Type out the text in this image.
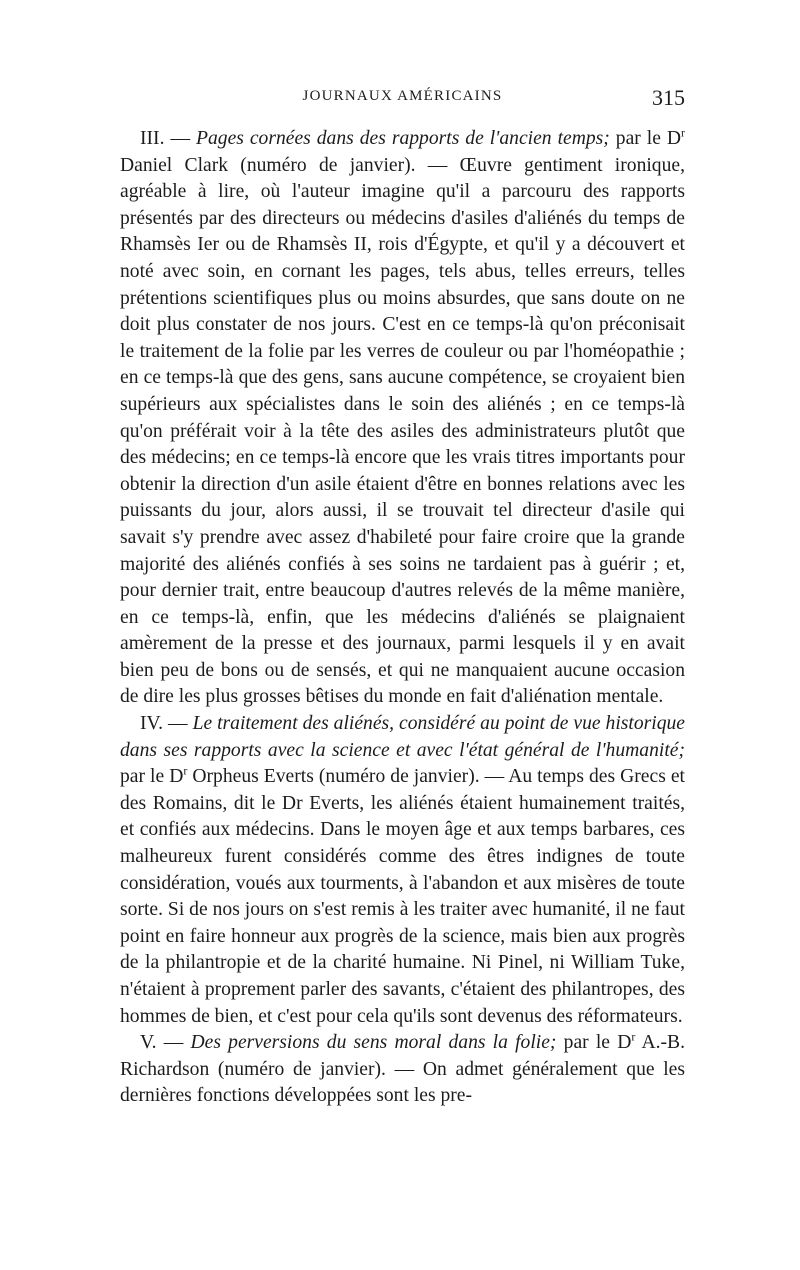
JOURNAUX AMÉRICAINS	315

III. — Pages cornées dans des rapports de l'ancien temps; par le $D^r$ Daniel Clark (numéro de janvier). — Œuvre gentiment ironique, agréable à lire, où l'auteur imagine qu'il a parcouru des rapports présentés par des directeurs ou médecins d'asiles d'aliénés du temps de Rhamsès Ier ou de Rhamsès II, rois d'Égypte, et qu'il y a découvert et noté avec soin, en cornant les pages, tels abus, telles erreurs, telles prétentions scientifiques plus ou moins absurdes, que sans doute on ne doit plus constater de nos jours. C'est en ce temps-là qu'on préconisait le traitement de la folie par les verres de couleur ou par l'homéopathie ; en ce temps-là que des gens, sans aucune compétence, se croyaient bien supérieurs aux spécialistes dans le soin des aliénés ; en ce temps-là qu'on préférait voir à la tête des asiles des administrateurs plutôt que des médecins; en ce temps-là encore que les vrais titres importants pour obtenir la direction d'un asile étaient d'être en bonnes relations avec les puissants du jour, alors aussi, il se trouvait tel directeur d'asile qui savait s'y prendre avec assez d'habileté pour faire croire que la grande majorité des aliénés confiés à ses soins ne tardaient pas à guérir ; et, pour dernier trait, entre beaucoup d'autres relevés de la même manière, en ce temps-là, enfin, que les médecins d'aliénés se plaignaient amèrement de la presse et des journaux, parmi lesquels il y en avait bien peu de bons ou de sensés, et qui ne manquaient aucune occasion de dire les plus grosses bêtises du monde en fait d'aliénation mentale.

IV. — Le traitement des aliénés, considéré au point de vue historique dans ses rapports avec la science et avec l'état général de l'humanité; par le $D^r$ Orpheus Everts (numéro de janvier). — Au temps des Grecs et des Romains, dit le Dr Everts, les aliénés étaient humainement traités, et confiés aux médecins. Dans le moyen âge et aux temps barbares, ces malheureux furent considérés comme des êtres indignes de toute considération, voués aux tourments, à l'abandon et aux misères de toute sorte. Si de nos jours on s'est remis à les traiter avec humanité, il ne faut point en faire honneur aux progrès de la science, mais bien aux progrès de la philantropie et de la charité humaine. Ni Pinel, ni William Tuke, n'étaient à proprement parler des savants, c'étaient des philantropes, des hommes de bien, et c'est pour cela qu'ils sont devenus des réformateurs.

V. — Des perversions du sens moral dans la folie; par le $D^r$ A.-B. Richardson (numéro de janvier). — On admet généralement que les dernières fonctions développées sont les pre-
